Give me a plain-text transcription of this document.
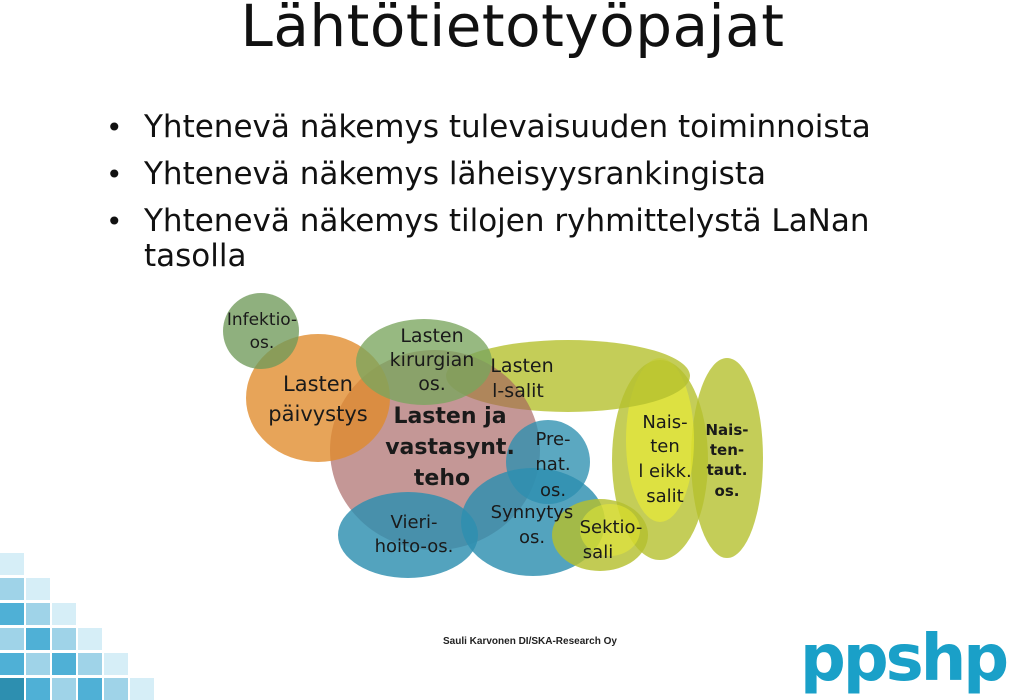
Lähtötietotyöpajat
• Yhtenevä näkemys tulevaisuuden toiminnoista
• Yhtenevä näkemys läheisyysrankingista
• Yhtenevä näkemys tilojen ryhmittelystä LaNan
tasolla
Infektio-os.
Lasten päivystys
Lasten kirurgian os.
Lasten l-salit
Lasten ja vastasynt. teho
Pre-nat. os.
Vieri-hoito-os.
Synnytys os.	Sektio-sali
Nais-ten l eikk. salit
Nais-ten-taut. os.
Sauli Karvonen DI/SKA-Research Oy	ppshp
